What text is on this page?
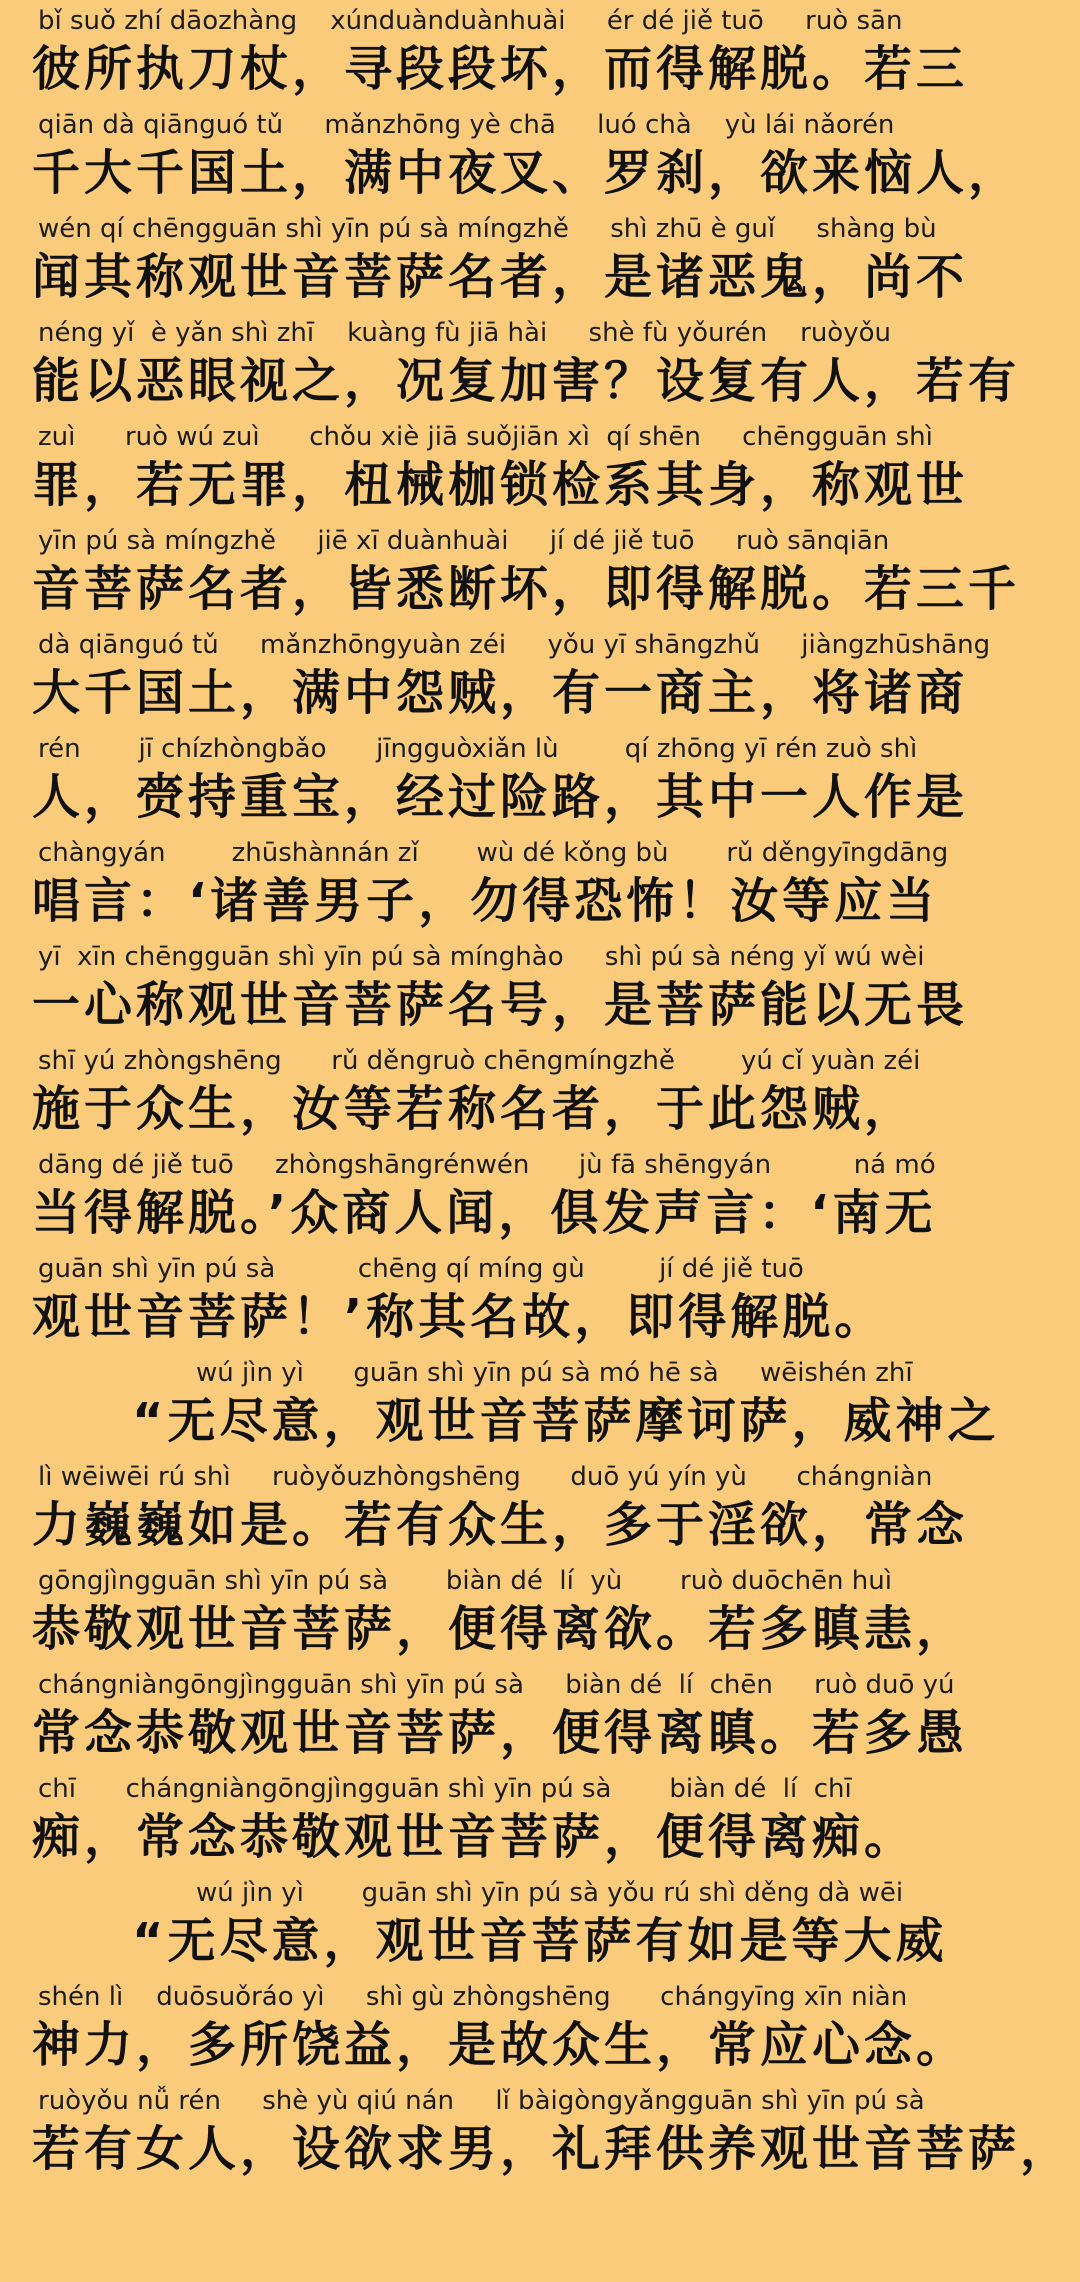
bǐ suǒ zhí dāozhàng    xúnduànduànhuài     ér dé jiě tuō     ruò sān
彼所执刀杖，寻段段坏，而得解脱。若三
qiān dà qiānguó tǔ     mǎnzhōng yè chā     luó chà    yù lái nǎorén
千大千国土，满中夜叉、罗刹，欲来恼人，
wén qí chēngguān shì yīn pú sà míngzhě     shì zhū è guǐ     shàng bù
闻其称观世音菩萨名者，是诸恶鬼，尚不
néng yǐ  è yǎn shì zhī    kuàng fù jiā hài     shè fù yǒurén    ruòyǒu
能以恶眼视之，况复加害？设复有人，若有
zuì      ruò wú zuì      chǒu xiè jiā suǒjiān xì  qí shēn     chēngguān shì
罪，若无罪，杻械枷锁检系其身，称观世
yīn pú sà míngzhě     jiē xī duànhuài     jí dé jiě tuō     ruò sānqiān
音菩萨名者，皆悉断坏，即得解脱。若三千
dà qiānguó tǔ     mǎnzhōngyuàn zéi     yǒu yī shāngzhǔ     jiàngzhūshāng
大千国土，满中怨贼，有一商主，将诸商
rén       jī chízhòngbǎo      jīngguòxiǎn lù        qí zhōng yī rén zuò shì
人，赍持重宝，经过险路，其中一人作是
chàngyán        zhūshànnán zǐ       wù dé kǒng bù       rǔ děngyīngdāng
唱言：‘诸善男子，勿得恐怖！汝等应当
yī  xīn chēngguān shì yīn pú sà mínghào     shì pú sà néng yǐ wú wèi
一心称观世音菩萨名号，是菩萨能以无畏
shī yú zhòngshēng      rǔ děngruò chēngmíngzhě        yú cǐ yuàn zéi
施于众生，汝等若称名者，于此怨贼，
dāng dé jiě tuō     zhòngshāngrénwén      jù fā shēngyán          ná mó
当得解脱。’众商人闻，俱发声言：‘南无
guān shì yīn pú sà          chēng qí míng gù         jí dé jiě tuō
观世音菩萨！’称其名故，即得解脱。
wú jìn yì      guān shì yīn pú sà mó hē sà     wēishén zhī
“无尽意，观世音菩萨摩诃萨，威神之
lì wēiwēi rú shì     ruòyǒuzhòngshēng      duō yú yín yù      chángniàn
力巍巍如是。若有众生，多于淫欲，常念
gōngjìngguān shì yīn pú sà       biàn dé  lí  yù       ruò duōchēn huì
恭敬观世音菩萨，便得离欲。若多瞋恚，
chángniàngōngjìngguān shì yīn pú sà     biàn dé  lí  chēn     ruò duō yú
常念恭敬观世音菩萨，便得离瞋。若多愚
chī      chángniàngōngjìngguān shì yīn pú sà       biàn dé  lí  chī
痴，常念恭敬观世音菩萨，便得离痴。
wú jìn yì       guān shì yīn pú sà yǒu rú shì děng dà wēi
“无尽意，观世音菩萨有如是等大威
shén lì    duōsuǒráo yì     shì gù zhòngshēng      chángyīng xīn niàn
神力，多所饶益，是故众生，常应心念。
ruòyǒu nǚ rén     shè yù qiú nán     lǐ bàigòngyǎngguān shì yīn pú sà
若有女人，设欲求男，礼拜供养观世音菩萨，
